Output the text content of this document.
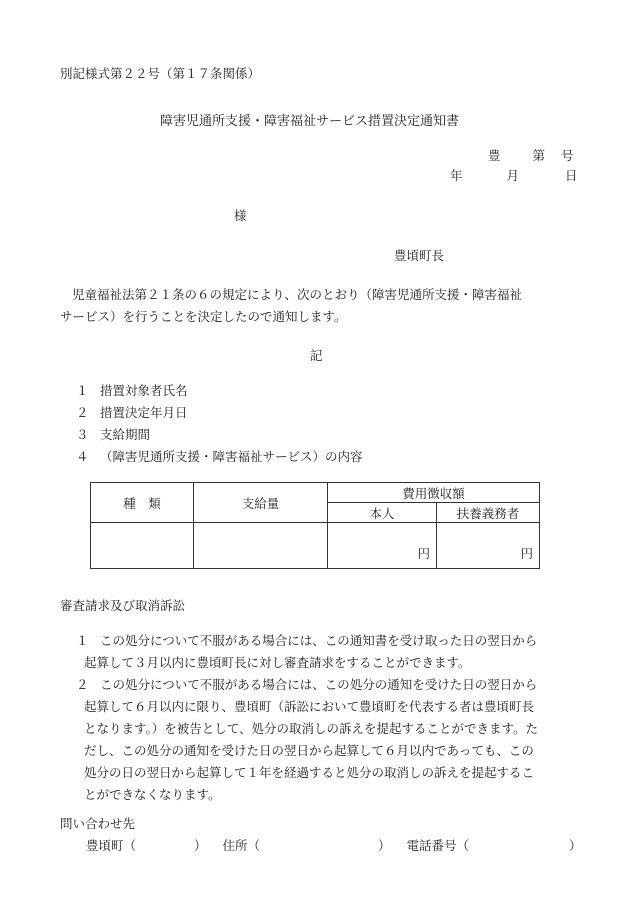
別記様式第２２号（第１７条関係）
障害児通所支援・障害福祉サービス措置決定通知書
豊	第 号
年	月	日
様
豊頃町長
児童福祉法第２１条の６の規定により、次のとおり（障害児通所支援・障害福祉
サービス）を行うことを決定したので通知します。
記
１ 措置対象者氏名
２ 措置決定年月日
３ 支給期間
４ （障害児通所支援・障害福祉サービス）の内容
種　類	支給量	費用徴収額	
		本人	扶養義務者
		円	円
審査請求及び取消訴訟
１ この処分について不服がある場合には、この通知書を受け取った日の翌日から
起算して３月以内に豊頃町長に対し審査請求をすることができます。
２ この処分について不服がある場合には、この処分の通知を受けた日の翌日から
起算して６月以内に限り、豊頃町（訴訟において豊頃町を代表する者は豊頃町長
となります。）を被告として、処分の取消しの訴えを提起することができます。た
だし、この処分の通知を受けた日の翌日から起算して６月以内であっても、この
処分の日の翌日から起算して１年を経過すると処分の取消しの訴えを提起するこ
とができなくなります。
問い合わせ先
豊頃町（	） 住所（	） 電話番号（	）
